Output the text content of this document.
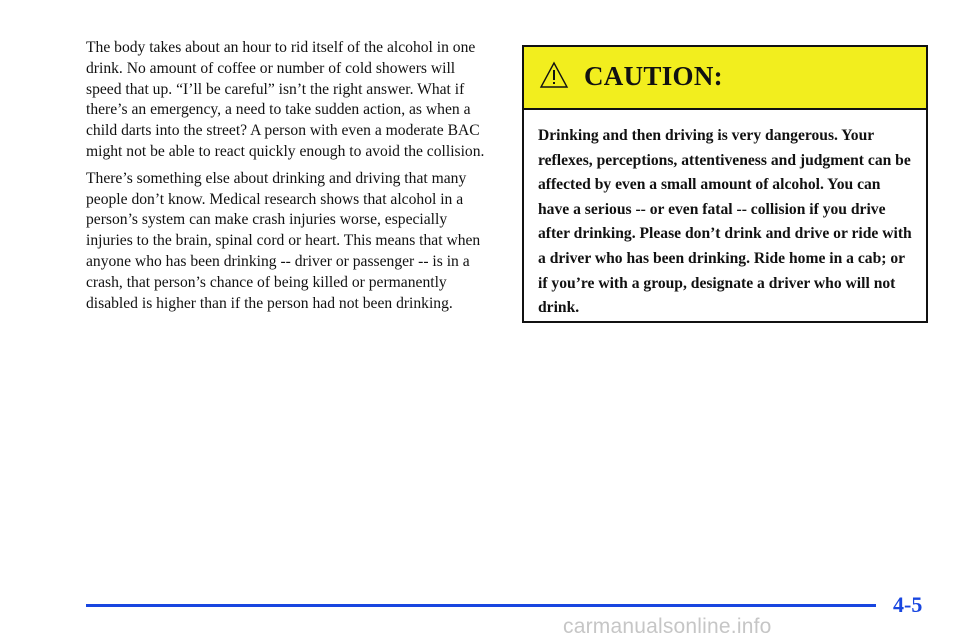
The body takes about an hour to rid itself of the alcohol in one drink. No amount of coffee or number of cold showers will speed that up. “I’ll be careful” isn’t the right answer. What if there’s an emergency, a need to take sudden action, as when a child darts into the street? A person with even a moderate BAC might not be able to react quickly enough to avoid the collision.

There’s something else about drinking and driving that many people don’t know. Medical research shows that alcohol in a person’s system can make crash injuries worse, especially injuries to the brain, spinal cord or heart. This means that when anyone who has been drinking -- driver or passenger -- is in a crash, that person’s chance of being killed or permanently disabled is higher than if the person had not been drinking.

CAUTION:
Drinking and then driving is very dangerous. Your reflexes, perceptions, attentiveness and judgment can be affected by even a small amount of alcohol. You can have a serious -- or even fatal -- collision if you drive after drinking. Please don’t drink and drive or ride with a driver who has been drinking. Ride home in a cab; or if you’re with a group, designate a driver who will not drink.
4-5
carmanualsonline.info
